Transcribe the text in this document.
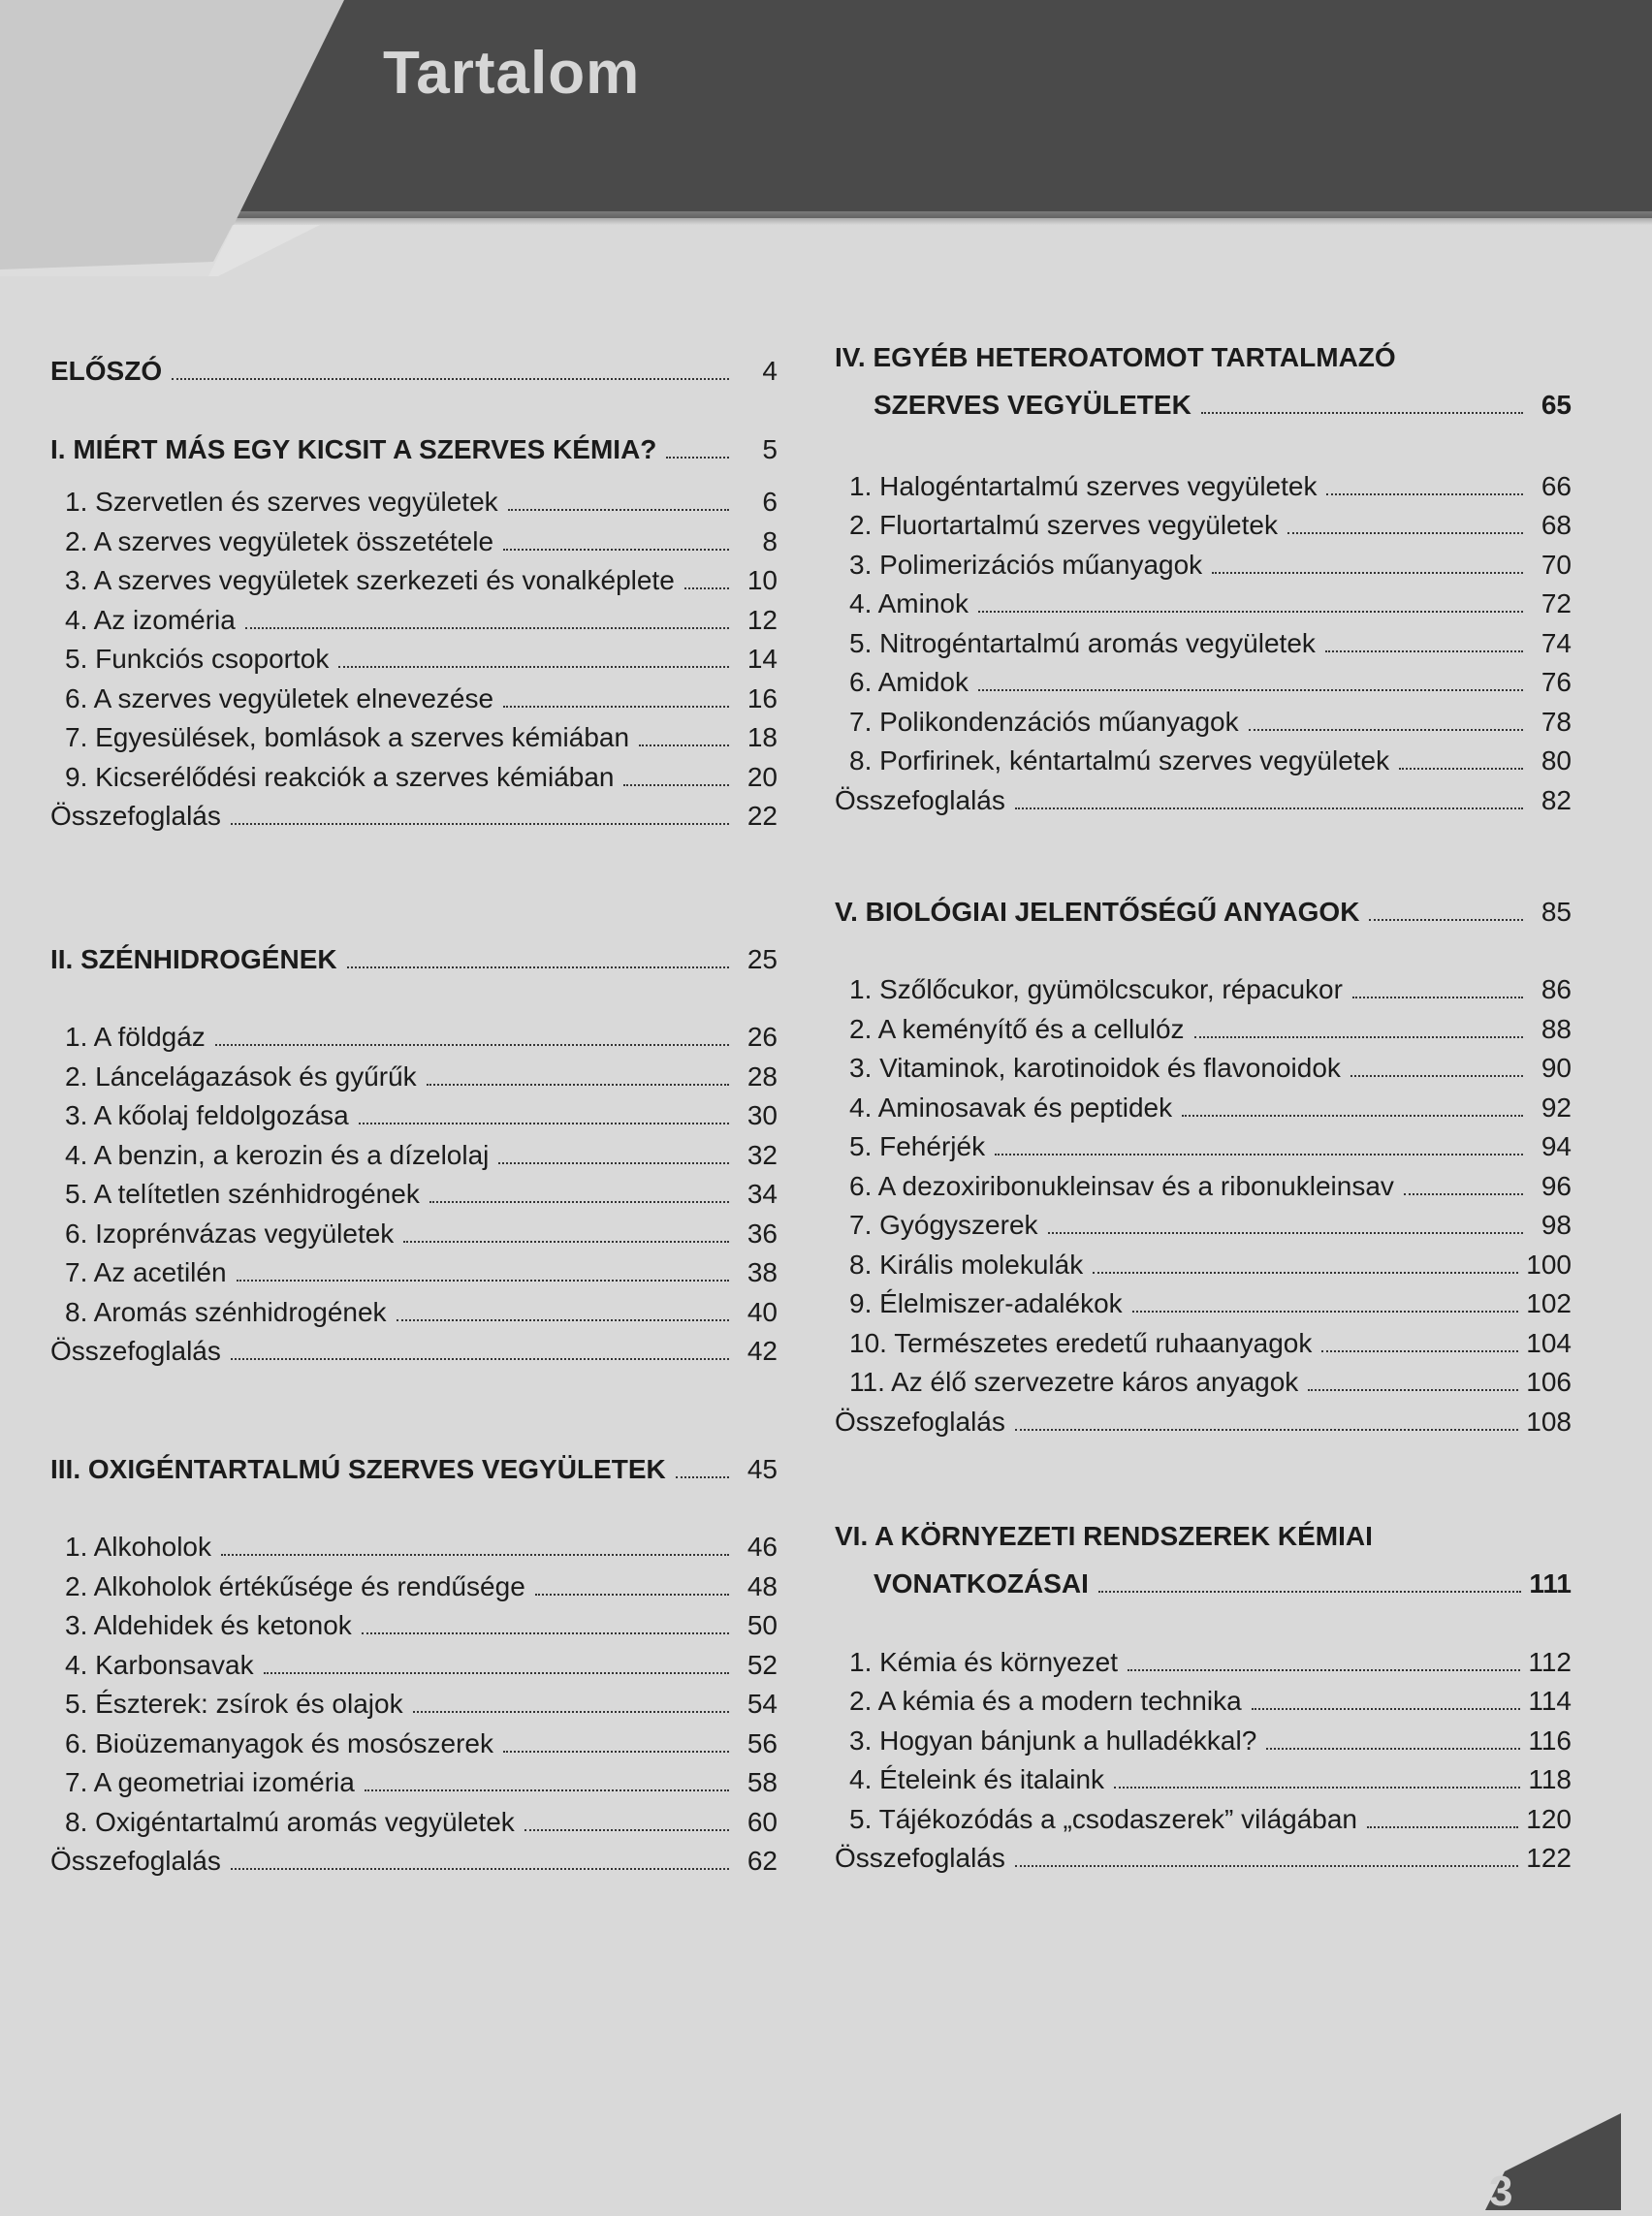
Tartalom
ELŐSZÓ	4
I. MIÉRT MÁS EGY KICSIT A SZERVES KÉMIA?	5
1. Szervetlen és szerves vegyületek	6
2. A szerves vegyületek összetétele	8
3. A szerves vegyületek szerkezeti és vonalképlete	10
4. Az izoméria	12
5. Funkciós csoportok	14
6. A szerves vegyületek elnevezése	16
7. Egyesülések, bomlások a szerves kémiában	18
9. Kicserélődési reakciók a szerves kémiában	20
Összefoglalás	22
II. SZÉNHIDROGÉNEK	25
1. A földgáz	26
2. Láncelágazások és gyűrűk	28
3. A kőolaj feldolgozása	30
4. A benzin, a kerozin és a dízelolaj	32
5. A telítetlen szénhidrogének	34
6. Izoprénvázas vegyületek	36
7. Az acetilén	38
8. Aromás szénhidrogének	40
Összefoglalás	42
III. OXIGÉNTARTALMÚ SZERVES VEGYÜLETEK	45
1. Alkoholok	46
2. Alkoholok értékűsége és rendűsége	48
3. Aldehidek és ketonok	50
4. Karbonsavak	52
5. Észterek: zsírok és olajok	54
6. Bioüzemanyagok és mosószerek	56
7. A geometriai izoméria	58
8. Oxigéntartalmú aromás vegyületek	60
Összefoglalás	62
IV. EGYÉB HETEROATOMOT TARTALMAZÓ
SZERVES VEGYÜLETEK	65
1. Halogéntartalmú szerves vegyületek	66
2. Fluortartalmú szerves vegyületek	68
3. Polimerizációs műanyagok	70
4. Aminok	72
5. Nitrogéntartalmú aromás vegyületek	74
6. Amidok	76
7. Polikondenzációs műanyagok	78
8. Porfirinek, kéntartalmú szerves vegyületek	80
Összefoglalás	82
V. BIOLÓGIAI JELENTŐSÉGŰ ANYAGOK	85
1. Szőlőcukor, gyümölcscukor, répacukor	86
2. A keményítő és a cellulóz	88
3. Vitaminok, karotinoidok és flavonoidok	90
4. Aminosavak és peptidek	92
5. Fehérjék	94
6. A dezoxiribonukleinsav és a ribonukleinsav	96
7. Gyógyszerek	98
8. Királis molekulák	100
9. Élelmiszer-adalékok	102
10. Természetes eredetű ruhaanyagok	104
11. Az élő szervezetre káros anyagok	106
Összefoglalás	108
VI. A KÖRNYEZETI RENDSZEREK KÉMIAI
VONATKOZÁSAI	111
1. Kémia és környezet	112
2. A kémia és a modern technika	114
3. Hogyan bánjunk a hulladékkal?	116
4. Ételeink és italaink	118
5. Tájékozódás a „csodaszerek” világában	120
Összefoglalás	122
3
